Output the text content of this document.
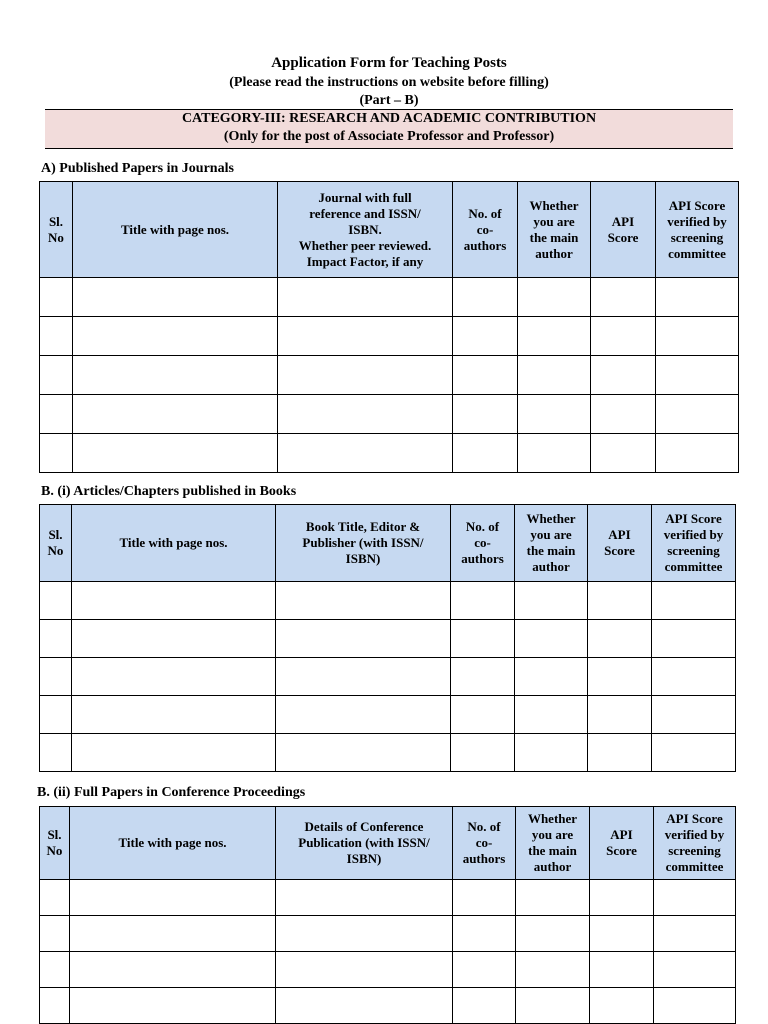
Application Form for Teaching Posts
(Please read the instructions on website before filling)
(Part – B)
CATEGORY-III: RESEARCH AND ACADEMIC CONTRIBUTION
(Only for the post of Associate Professor and Professor)
A) Published Papers in Journals
Sl.
No	Title with page nos.	Journal with full
reference and ISSN/
ISBN.
Whether peer reviewed.
Impact Factor, if any	No. of
co-
authors	Whether
you are
the main
author	API
Score	API Score
verified by
screening
committee

B. (i) Articles/Chapters published in Books
Sl.
No	Title with page nos.	Book Title, Editor &
Publisher (with ISSN/
ISBN)	No. of
co-
authors	Whether
you are
the main
author	API
Score	API Score
verified by
screening
committee

B. (ii) Full Papers in Conference Proceedings
Sl.
No	Title with page nos.	Details of Conference
Publication (with ISSN/
ISBN)	No. of
co-
authors	Whether
you are
the main
author	API
Score	API Score
verified by
screening
committee
